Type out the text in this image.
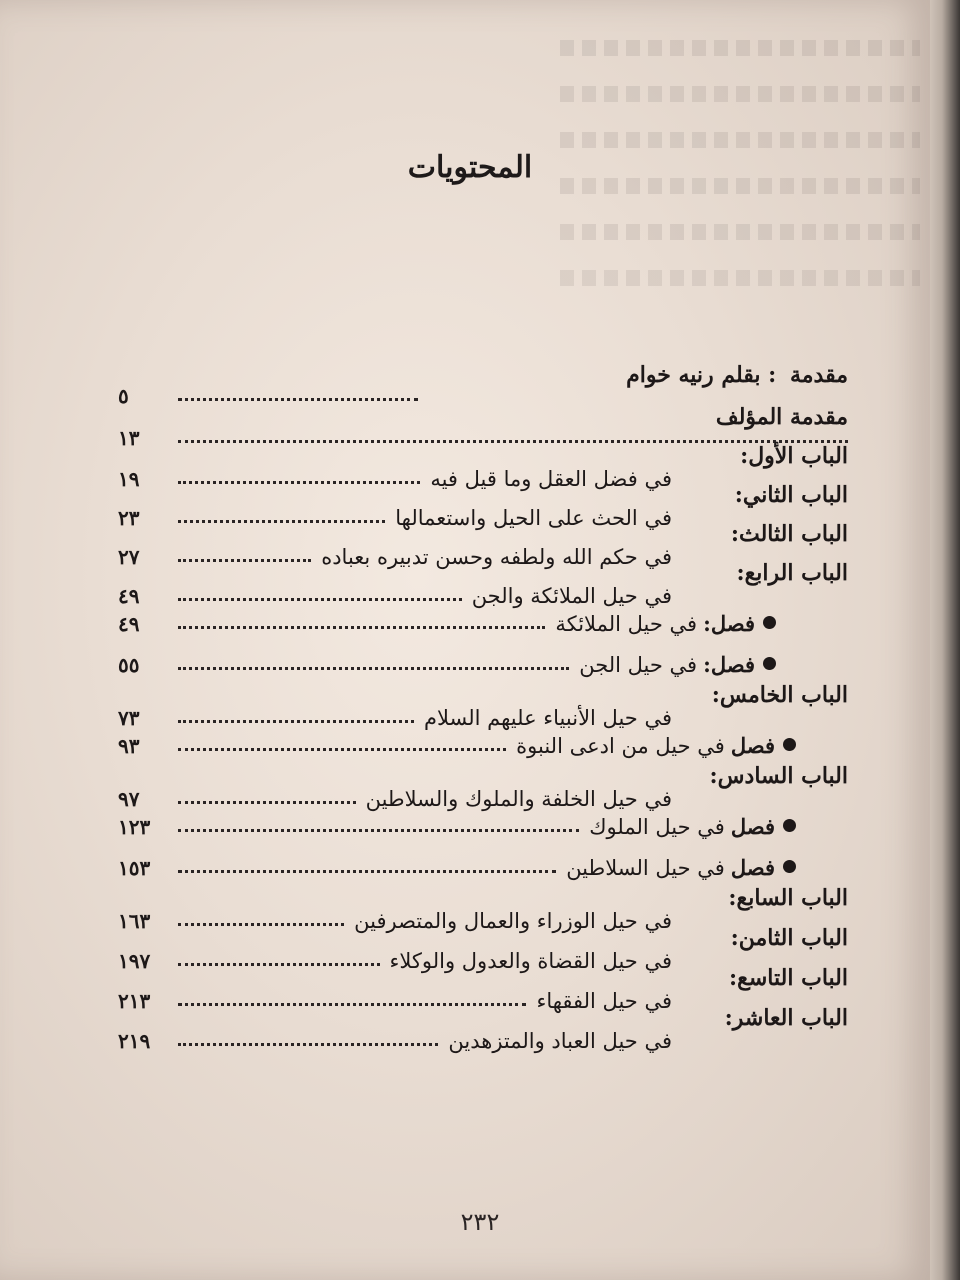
المحتويات
مقدمة : بقلم رنيه خوام
٥
مقدمة المؤلف
١٣
الباب الأول:
في فضل العقل وما قيل فيه
١٩
الباب الثاني:
في الحث على الحيل واستعمالها
٢٣
الباب الثالث:
في حكم الله ولطفه وحسن تدبيره بعباده
٢٧
الباب الرابع:
في حيل الملائكة والجن
٤٩
فصل:
في حيل الملائكة
٤٩
فصل:
في حيل الجن
٥٥
الباب الخامس:
في حيل الأنبياء عليهم السلام
٧٣
فصل
في حيل من ادعى النبوة
٩٣
الباب السادس:
في حيل الخلفة والملوك والسلاطين
٩٧
فصل
في حيل الملوك
١٢٣
فصل
في حيل السلاطين
١٥٣
الباب السابع:
في حيل الوزراء والعمال والمتصرفين
١٦٣
الباب الثامن:
في حيل القضاة والعدول والوكلاء
١٩٧
الباب التاسع:
في حيل الفقهاء
٢١٣
الباب العاشر:
في حيل العباد والمتزهدين
٢١٩
٢٣٢
